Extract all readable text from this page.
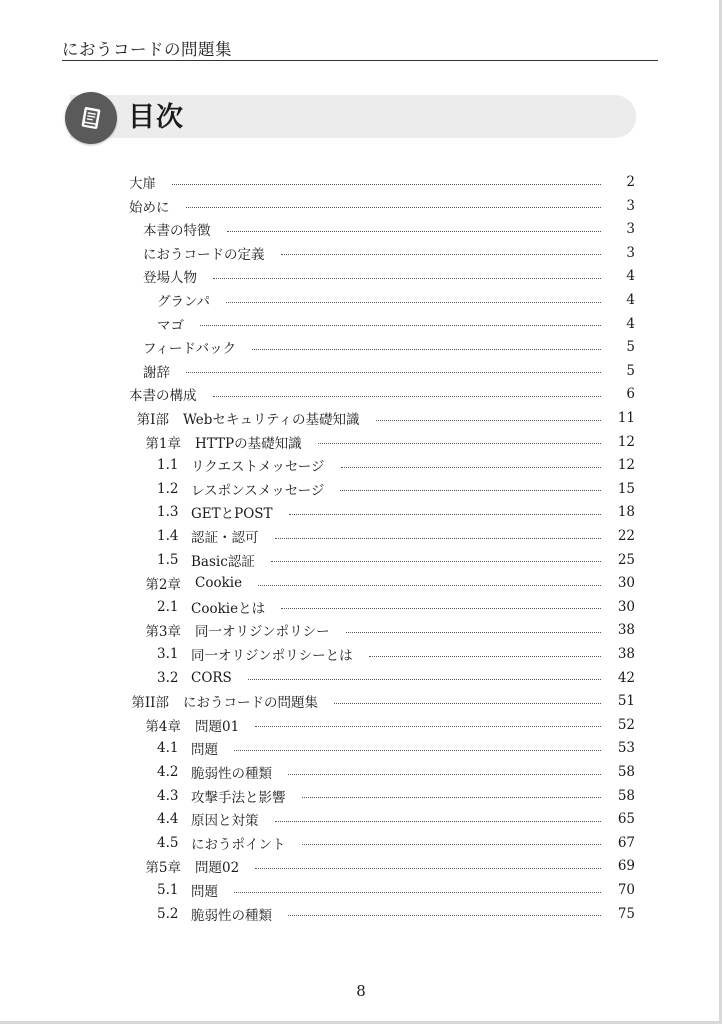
におうコードの問題集
目次
大扉	2
始めに	3
本書の特徴	3
におうコードの定義	3
登場人物	4
グランパ	4
マゴ	4
フィードバック	5
謝辞	5
本書の構成	6
第I部 Webセキュリティの基礎知識	11
第1章 HTTPの基礎知識	12
1.1 リクエストメッセージ	12
1.2 レスポンスメッセージ	15
1.3 GETとPOST	18
1.4 認証・認可	22
1.5 Basic認証	25
第2章 Cookie	30
2.1 Cookieとは	30
第3章 同一オリジンポリシー	38
3.1 同一オリジンポリシーとは	38
3.2 CORS	42
第II部 におうコードの問題集	51
第4章 問題01	52
4.1 問題	53
4.2 脆弱性の種類	58
4.3 攻撃手法と影響	58
4.4 原因と対策	65
4.5 におうポイント	67
第5章 問題02	69
5.1 問題	70
5.2 脆弱性の種類	75
8
